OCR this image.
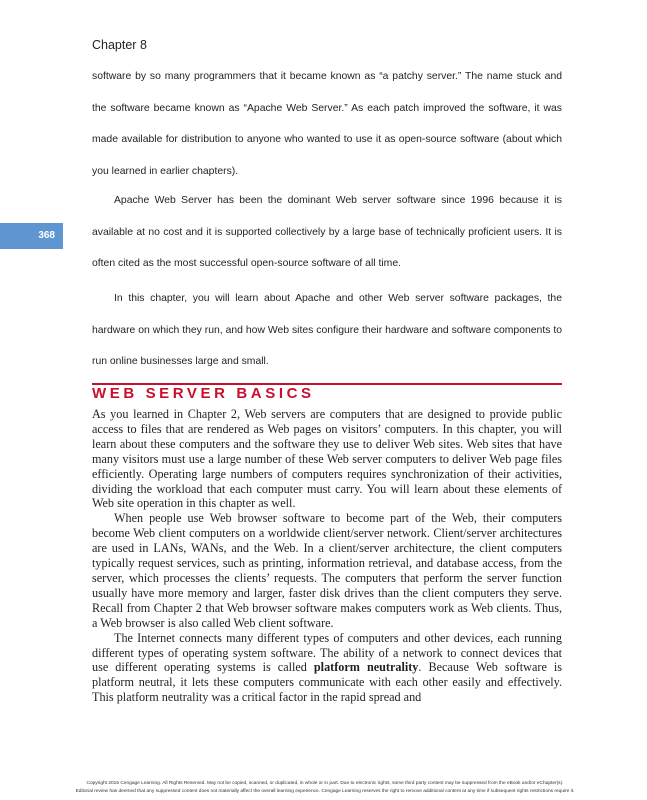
Chapter 8
368

software by so many programmers that it became known as “a patchy server.” The name stuck and the software became known as “Apache Web Server.” As each patch improved the software, it was made available for distribution to anyone who wanted to use it as open-source software (about which you learned in earlier chapters).

Apache Web Server has been the dominant Web server software since 1996 because it is available at no cost and it is supported collectively by a large base of technically proficient users. It is often cited as the most successful open-source software of all time.

In this chapter, you will learn about Apache and other Web server software packages, the hardware on which they run, and how Web sites configure their hardware and software components to run online businesses large and small.

WEB SERVER BASICS

As you learned in Chapter 2, Web servers are computers that are designed to provide public access to files that are rendered as Web pages on visitors’ computers. In this chapter, you will learn about these computers and the software they use to deliver Web sites. Web sites that have many visitors must use a large number of these Web server computers to deliver Web page files efficiently. Operating large numbers of computers requires synchronization of their activities, dividing the workload that each computer must carry. You will learn about these elements of Web site operation in this chapter as well.

When people use Web browser software to become part of the Web, their computers become Web client computers on a worldwide client/server network. Client/server architectures are used in LANs, WANs, and the Web. In a client/server architecture, the client computers typically request services, such as printing, information retrieval, and database access, from the server, which processes the clients’ requests. The computers that perform the server function usually have more memory and larger, faster disk drives than the client computers they serve. Recall from Chapter 2 that Web browser software makes computers work as Web clients. Thus, a Web browser is also called Web client software.

The Internet connects many different types of computers and other devices, each running different types of operating system software. The ability of a network to connect devices that use different operating systems is called platform neutrality. Because Web software is platform neutral, it lets these computers communicate with each other easily and effectively. This platform neutrality was a critical factor in the rapid spread and

Copyright 2015 Cengage Learning. All Rights Reserved. May not be copied, scanned, or duplicated, in whole or in part. Due to electronic rights, some third party content may be suppressed from the eBook and/or eChapter(s).
Editorial review has deemed that any suppressed content does not materially affect the overall learning experience. Cengage Learning reserves the right to remove additional content at any time if subsequent rights restrictions require it.
